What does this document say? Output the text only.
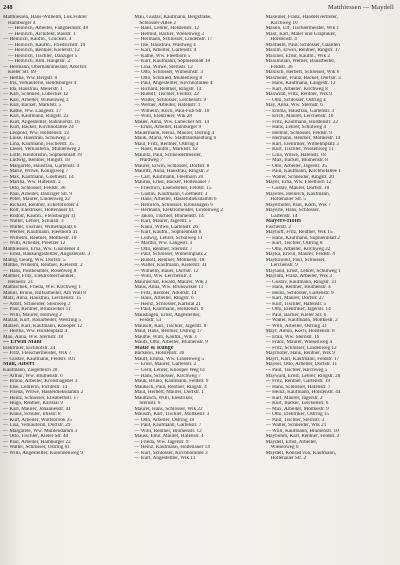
248	Matthiessen — Maydell
Matthiessen, Hans-Wilhelm, Lok.Führer
Hamburger 4
— Heinrich, Arbeiter, Fangdeimstr. 48
— Heinrich, Architekt, Baustr. 1
— Heinrich, Kaufm., Glückstr. 4
— Heinrich, Kaufm., Friedrichstr. 10
— Heinrich, Rentner, Kielerstr. 12
— Heinrich, Tischler, Danziger 5
— Heinrich, Ktm. Hauptstr. 2
— Hermann, Oberbahnmeister, Adolfstr.
Kieler Str. 69
— Hertha, Ww. Bergstr. 8
— Iris, Verkäuferin, Rendsburger 4
— Ida, Hausfrau, Meierstr. 1
— Karl, Schmied, Lübecker 12
— Karl, Arbeiter, Wiesenweg 3
— Karl, Bäcker, Marktstr. 5
— Käthe, Ww. Langestr. 17
— Karl, Kaufmann, Ringstr. 22
— Kurt, Angestellter, Bahnhofstr. 16
— Kurt, Bäcker, Kirchhofallee 24
— Leopold, Ww. Holstenstr. 12
— Luise, Hausfrau, Schulweg 3
— Lina, Kaufmann, Fischerstr. 35
— Liesel, Verkäuferin, Mühlenweg 2
— Lotte, Kontoristin, Sophienblatt 19
— Ludwig, Rentner, Ringstr. 18
— Margarete, Hausfrau, Gartenstr. 4
— Marie, Witwe, Königsweg 7
— Max, Kaufmann, Goethestr. 14
— Martha, Ww. Hafenstr. 2
— Otto, Schlosser, Feldstr. 36
— Paul, Arbeiter, Danziger Str. 9
— Peter, Maurer, Lindenweg 22
— Richard, Rentner, Eckernförder 4
— Rolf, Elektriker, Holtenauer 61
— Rudolf, Kaufm., Flensburger 11
— Walter, Lehrer, Schulstr. 3
— Walter, Tischler, Wilhelmplatz 6
— Werner, Kaufmann, Fleethörn 31
— Wilhelm, Rentner, Moltkestr. 10
— Willi, Arbeiter, Preetzer 12
Matthiessen, Erna, Ww. Gaardener 4
— Ernst, Bankangestellter, Augustenstr. 3
Mattig, Georg, Ww. Dorfstr. 5
Mattke, Wilhelm, Rentner, Kielerstr. 2
— Hans, Postbeamter, Rosenweg 8
Mattner, Fritz, Elektromechaniker,
Heinestr. 21
Mattuschek, Frieda, Ww. Kirchweg 1
Matull, Bruno, Hilfsarbeiter, Am Wall 8
Matz, Anna, Hausfrau, Lerchenstr. 15
— Adolf, Schneider, Steinweg 2
— Paul, Rentner, Brunswiker 11
— Willi, Maurer, Hollweg 2
Matzat, Kurt, Bauarbeiter, Westring 5
Matzen, Karl, Kaufmann, Knooper 12
— Hertha, Ww. Holstenplatz 4
Mau, Anna, Ww. Sternstr. 18
— Erwin Mahl
Elektriker, Eichhofstr. 24
— Fritz, Fleischermeister, Wik 7
— Gustav, Kaufmann, Feldstr. 101
Mau, Albert
Kaufmann, Ziegelteich 30
— Arthur, Ww. Blumenstr. 6
— Bruno, Arbeiter, Kronshagener 3
— Else, Lehrerin, Fichtestr. 14
— Frieda, Witwe, Hasseldieksdamm 2
— Heinz, Schlosser, Elisabethstr. 17
— Hugo, Rentner, Karlstal 9
— Karl, Maurer, Johannesstr. 41
— Klaus, Schüler, Iltisstr. 8
— Kurt, Arbeiter, Wulfsbrook 25
— Lisa, Verkäuferin, Dorfstr. 29
— Margarete, Ww. Mühlendamm 3
— Otto, Tischler, Kieler Str. 40
— Paul, Arbeiter, Hamburger 22
— Walter, Schlosser, Ostring 61
— Willi, Angestellter, Kolonnenweg 9
Mau, Gustav, Kaufmann, Bergstraße,
Schlosser-Allee 2
— Hans, Lehrer, Holstenstr. 12
— Helmut, Bäcker, Wiesenweg 3
— Hermann, Schlosser, Lindenstr. 17
— Ilse, Hausfrau, Waldweg 4
— Karl, Arbeiter, Gartenstr. 9
— Käthe, Ww. Fleethörn 5
— Kurt, Kaufmann, Sophienblatt 18
— Lina, Witwe, Sternstr. 12
— Otto, Schlosser, Wilhelmstr. 3
— Otto, Schmied, Mühlenweg 8
— Paul, Angestellter, Kirchhofallee 4
— Richard, Rentner, Ringstr. 14
— Rudolf, Tischler, Feldstr. 22
— Walter, Schlosser, Lerchenstr. 9
— Werner, Arbeiter, Hafenstr. 1
— Wilhelm, Koch, Paul-Fuß-Str. 10
— Willi, Elektriker, Wik 28
Mauer, Anna, Ww. Lübecker Str. 14
— Ernst, Arbeiter, Hamburger 9
Mauermann, Heinz, Maurer, Ostring 4
Mauk, Maria, Ww. Stadtrandsiedlung 6
Maul, Fritz, Rentner, Ostring 4
— Hans, Kaufm., Marktstr. 12
Maulitz, Paul, Schneidermeister,
Waldweg 7
Maurer, Erwin, Schlosser, Dorfstr. 8
Mauritz, Anna, Hausfrau, Ringstr. 2
— Carl, Kaufmann, Fleethörn 20
Maurus, Ernst, Bäcker, Holtenauer 7
— Friedrich, Eisendreher, Feldstr. 15
— Gustav, Kaufmann, Goethestr. 3
— Hans, Arbeiter, Hasselldieksdamm 6
— Heinrich, Schlosser, Kronshagen 9
— Hermann, Elektromeister, Lindenweg 2
— Jakob, Tischler, Blumenstr. 14
— Karl, Maurer, Jägerstr. 5
— Klara, Witwe, Gartenstr. 26
— Kurt, Kaufm., Sophienblatt 8
— Ludwig, Lehrer, Schulweg 11
— Martha, Ww. Langestr. 3
— Otto, Rentner, Sternstr. 7
— Paul, Schlosser, Wilhelmplatz 2
— Rudolf, Rentner, Moltkestr. 18
— Walter, Kaufmann, Kielerstr. 31
— Wilhelm, Bauer, Dorfstr. 12
— Willi, Ww. Lerchenstr. 4
Mauruschat, Ewald, Maurer, Wik 2
Maus, Anna, Ww. Brunswiker 11
— Fritz, Rentner, Adolfstr. 14
— Hans, Arbeiter, Ringstr. 6
— Heinz, Schlosser, Karlstal 21
— Paul, Kaufmann, Holstenstr. 9
Maushagen, Ernst, Angestellter,
Feldstr. 53
Mausolf, Karl, Tischler, Jägerstr. 8
Maut, Hans, Rentner, Ostring 17
Mauthe, Willi, Kaufm., Wik 3
Mautz, Otto, Arbeiter, Blumenstr. 9
Maue & Runge
Bäckerei, Holstenstr. 36
Mauff, Emma, Ww. Lindenweg 5
— Ernst, Maurer, Gartenstr. 2
— Gerd, Lehrer, Knooper Weg 61
— Hans, Schlosser, Kirchweg 7
Mauk, Bruno, Kaufmann, Feldstr. 9
Mauksch, Paul, Rentner, Ringstr. 4
Maul, Herbert, Maurer, Dorfstr. 1
Maultzsch, Willi, Elektriker,
Sternstr. 6
Maurer, Hans, Schlosser, Wik 22
Mausch, Karl, Tischler, Moltkestr. 3
— Otto, Arbeiter, Ostring 18
— Paul, Kaufmann, Gartenstr. 7
— Willi, Rentner, Blumenstr. 12
Mauss, Emil, Maurer, Hafenstr. 4
— Frieda, Ww. Jägerstr. 9
— Heinz, Kaufmann, Holtenauer 14
— Kurt, Schlosser, Kirchhofallee 3
— Kurt, Angestellter, Wik 11
Maxeiner, Franz, Handelsvertreter,
Kirchweg 10
Maxen, Ulf, Tischlermeister, Wik 1
Maxl, Karl, Maler und Graphiker,
Holstenstr. 4
Maxheim, Paul, Schlosser, Gaarden
Maxim, Erwin, Rentner, Ringstr. 17
Maxiner, Ernst, Kaufm., Wik 2
Maximilian, Werner, Bauarbeiter,
Feldstr. 38
Maxisch, Herbert, Schlosser, Wik 6
Maxmeier, Franz, Bäcker, Dorfstr. 3
— Hans, Kaufmann, Langestr. 12
— Karl, Arbeiter, Kirchweg 8
Maxwitat, Fritz, Rentner, Wik 9
— Otto, Schlosser, Ostring 4
May, Anna, Ww. Sternstr. 6
— Emma, Hausfrau, Gartenstr. 3
— Erich, Maurer, Lerchenstr. 10
— Fritz, Kaufmann, Holstenstr. 22
— Hans, Lehrer, Schulweg 4
— Helmut, Schlosser, Feldstr. 9
— Hermann, Rentner, Moltkestr. 14
— Karl, Elektriker, Wilhelmplatz 3
— Kurt, Tischler, Wiesenweg 11
— Lina, Witwe, Hafenstr. 18
— Max, Bäcker, Blumenstr. 8
— Otto, Arbeiter, Jägerstr. 25
— Paul, Kaufmann, Kirchhofallee 1
— Walter, Schneider, Ringstr. 20
Mayer, Erna, Ww. Fleethörn 12
— Gustav, Maurer, Dorfstr. 18
Mayeres, Heinrich, Kaufmann,
Holtenauer Str. 5
Mayerhofer, Paul, Koch, Wik 7
Mayerle, Hans, Schlosser,
Gartenstr. 14
Mayers-Hotel
Fischerstr. 2
Mayhoff, Fritz, Rentner, Wik 15
— Hans, Kaufmann, Sophienblatt 2
— Karl, Tischler, Ostring 8
— Otto, Arbeiter, Kirchweg 22
Mayka, Erwin, Maurer, Feldstr. 4
Maykowski, Paul, Schlosser,
Lerchenstr. 9
Mayland, Ernst, Lehrer, Schulweg 1
Maylath, Franz, Arbeiter, Wik 3
— Gustav, Kaufmann, Ringstr. 31
— Hans, Rentner, Blumenstr. 4
— Heinz, Schlosser, Gartenstr. 9
— Karl, Maurer, Dorfstr. 27
— Kurt, Tischler, Hafenstr. 5
— Otto, Elektriker, Jägerstr. 14
— Paul, Bäcker, Kieler Str. 6
— Walter, Kaufmann, Moltkestr. 2
— Willi, Arbeiter, Ostring 33
Mayr, Anton, Koch, Holstenstr. 8
— Emil, Ww. Sternstr. 16
— Franz, Maurer, Wiesenweg 4
— Fritz, Schlosser, Lindenweg 12
Mayrhofer, Hans, Rentner, Wik 9
Mayrl, Karl, Kaufmann, Feldstr. 17
Mayser, Otto, Arbeiter, Dorfstr. 11
— Paul, Tischler, Kirchweg 5
Maywald, Ernst, Lehrer, Ringstr. 28
— Fritz, Rentner, Gartenstr. 19
— Hans, Schlosser, Hafenstr. 7
— Heinz, Kaufmann, Holstenstr. 44
— Karl, Maurer, Jägerstr. 2
— Kurt, Bäcker, Lerchenstr. 6
— Max, Arbeiter, Moltkestr. 9
— Otto, Elektriker, Ostring 15
— Paul, Tischler, Sternstr. 3
— Walter, Schneider, Wik 21
— Willi, Kaufmann, Blumenstr. 10
Maybohm, Karl, Rentner, Feldstr. 2
Maydell, Ernst, Arbeiter,
Wiesenweg 8
Maydell, Konrad von, Kaufmann,
Holtenauer Str. 2
